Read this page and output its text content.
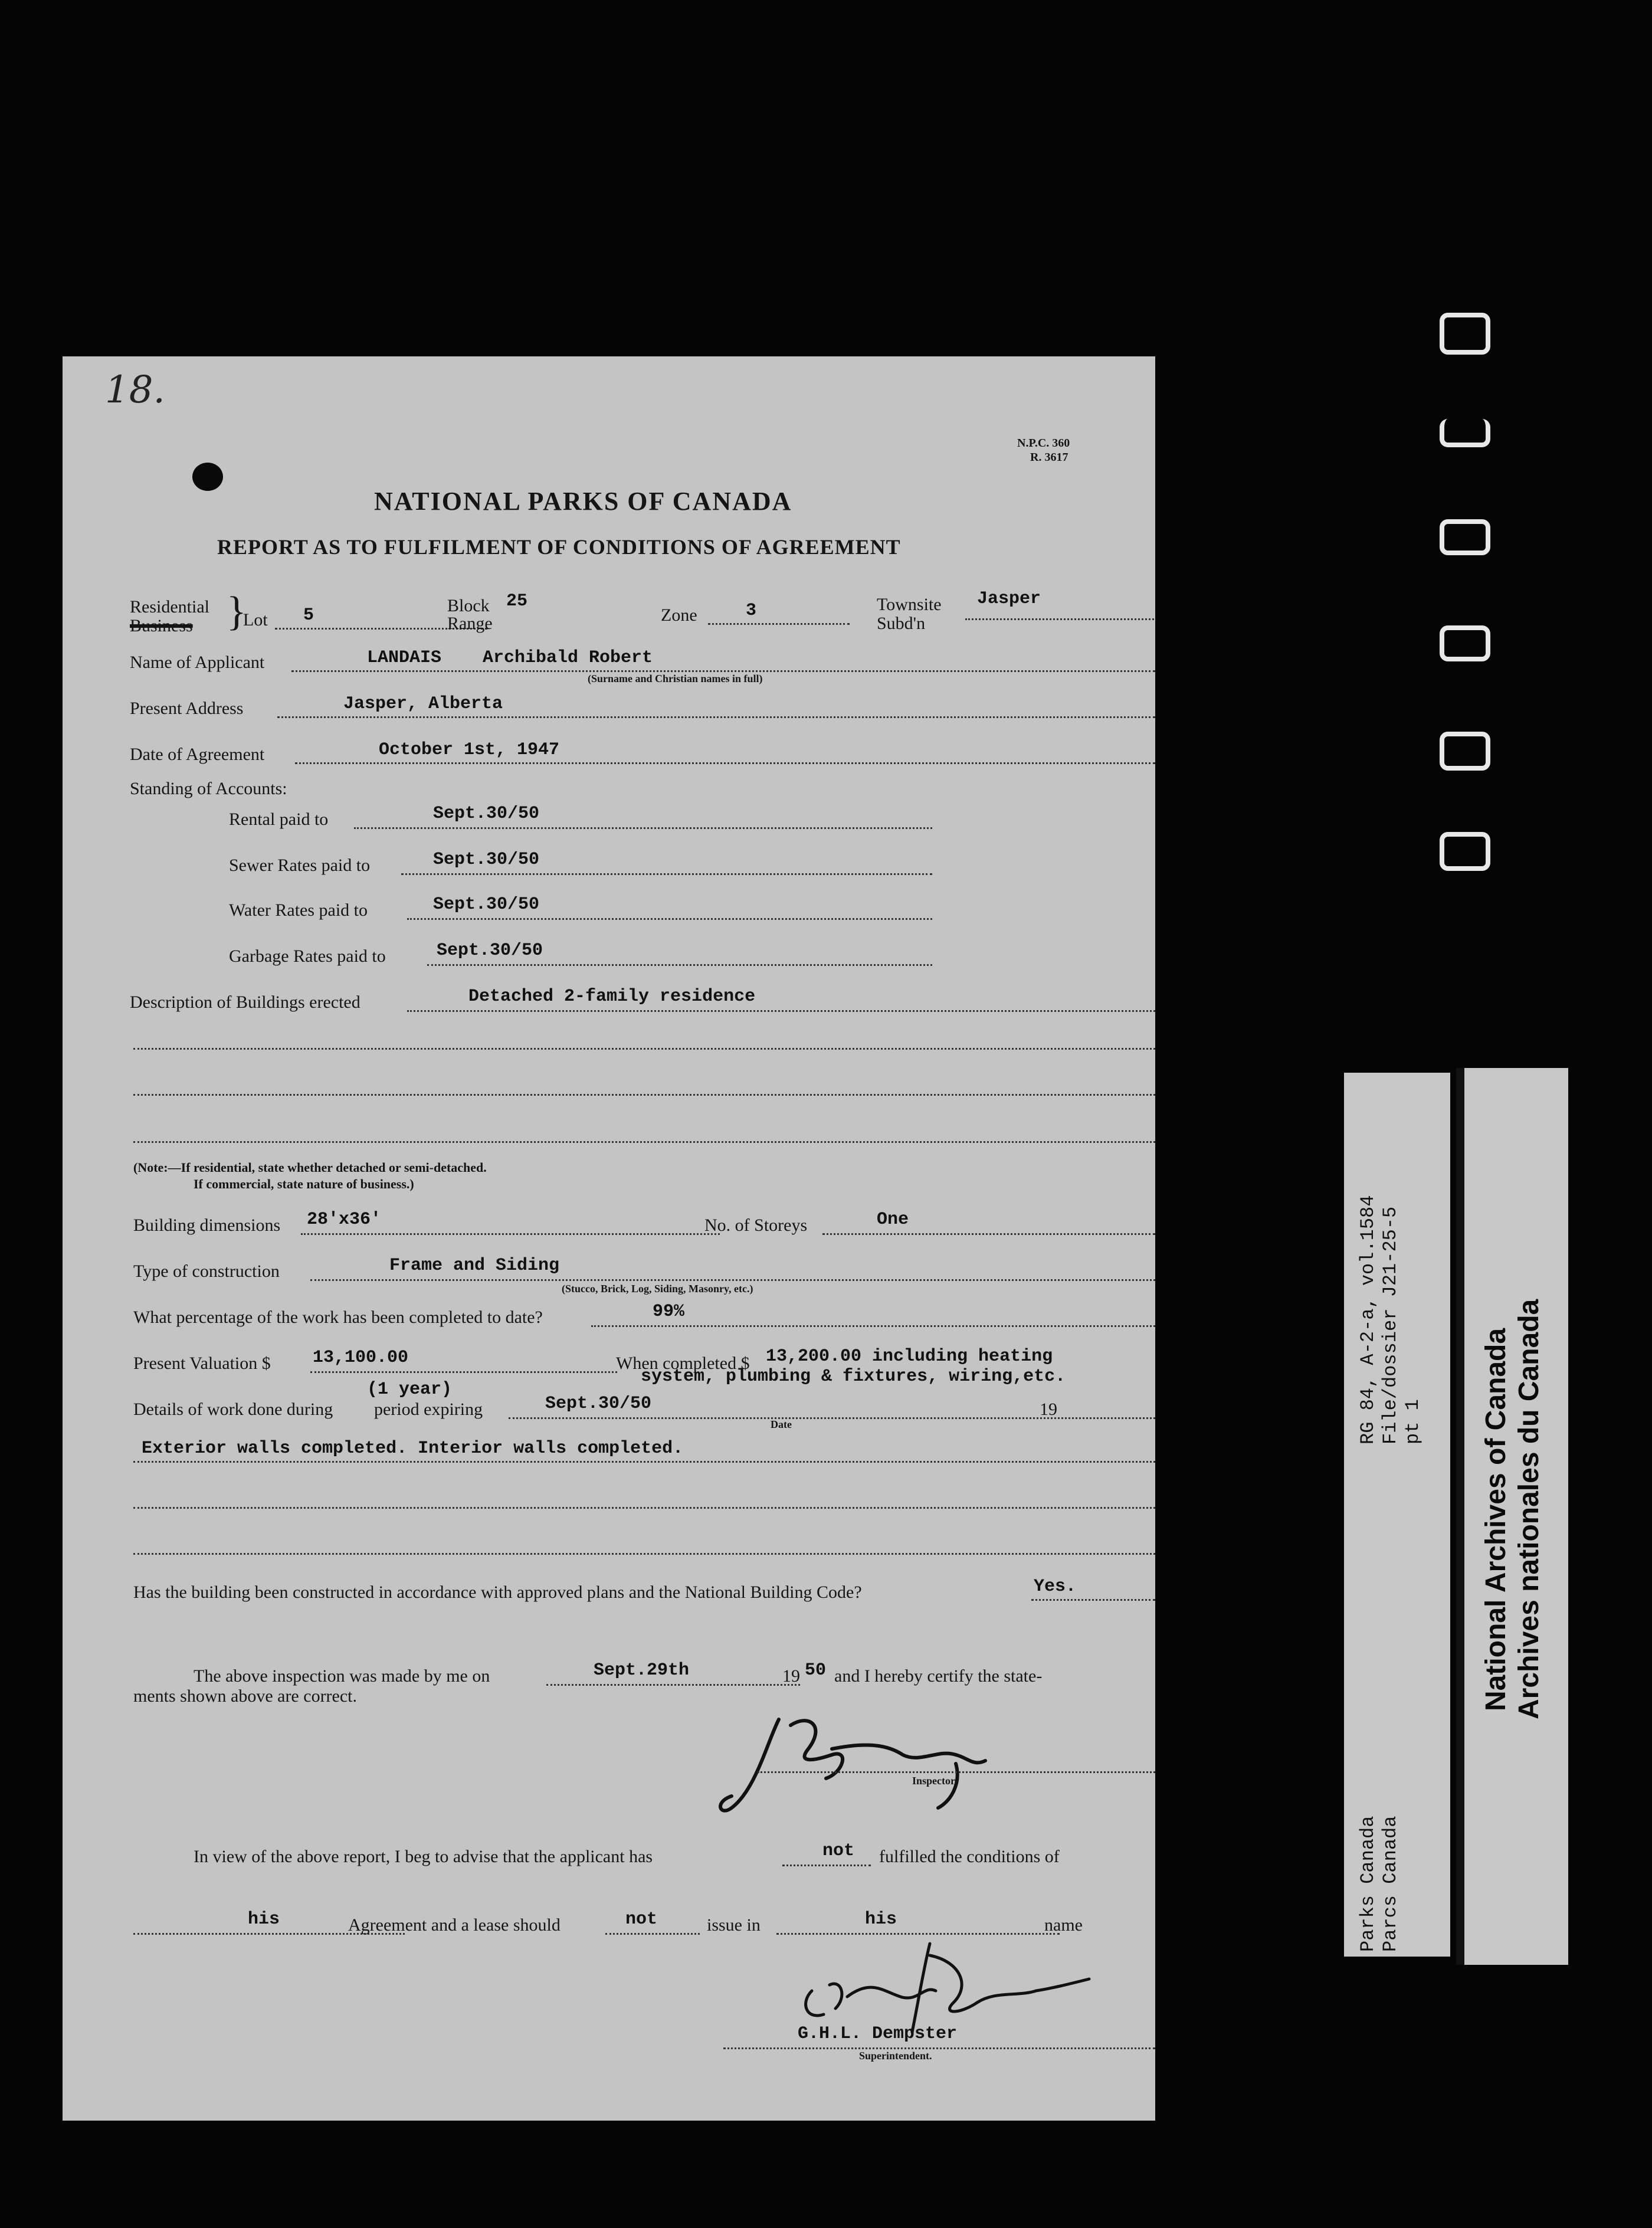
18.
N.P.C. 360
R. 3617
NATIONAL PARKS OF CANADA
REPORT AS TO FULFILMENT OF CONDITIONS OF AGREEMENT
Residential
Business }
Lot 5	Block 25
Range	Zone	3	Townsite Jasper
Subd'n
Name of Applicant	LANDAIS Archibald Robert
(Surname and Christian names in full)
Present Address	Jasper, Alberta
Date of Agreement	October 1st, 1947
Standing of Accounts:
Rental paid to	Sept.30/50
Sewer Rates paid to	Sept.30/50
Water Rates paid to	Sept.30/50
Garbage Rates paid to	Sept.30/50
Description of Buildings erected	Detached 2-family residence
(Note:—If residential, state whether detached or semi-detached.
If commercial, state nature of business.)
Building dimensions 28'x36'	No. of Storeys	One
Type of construction	Frame and Siding
(Stucco, Brick, Log, Siding, Masonry, etc.)
What percentage of the work has been completed to date?	99%
Present Valuation $ 13,100.00	When completed $ 13,200.00 including heating
system, plumbing & fixtures, wiring,etc.
Details of work done during period expiring
(1 year)
Sept.30/50	19
Date
Exterior walls completed. Interior walls completed.
Has the building been constructed in accordance with approved plans and the National Building Code?	Yes.
The above inspection was made by me on	Sept.29th	19 50 and I hereby certify the state-
ments shown above are correct.
Inspector
In view of the above report, I beg to advise that the applicant has	not fulfilled the conditions of
his	Agreement and a lease should	not	issue in	his	name
G.H.L. Dempster
Superintendent.
RG 84, A-2-a, vol.1584 File/dossier J21-25-5 pt 1
Parks Canada Parcs Canada
National Archives of Canada Archives nationales du Canada
